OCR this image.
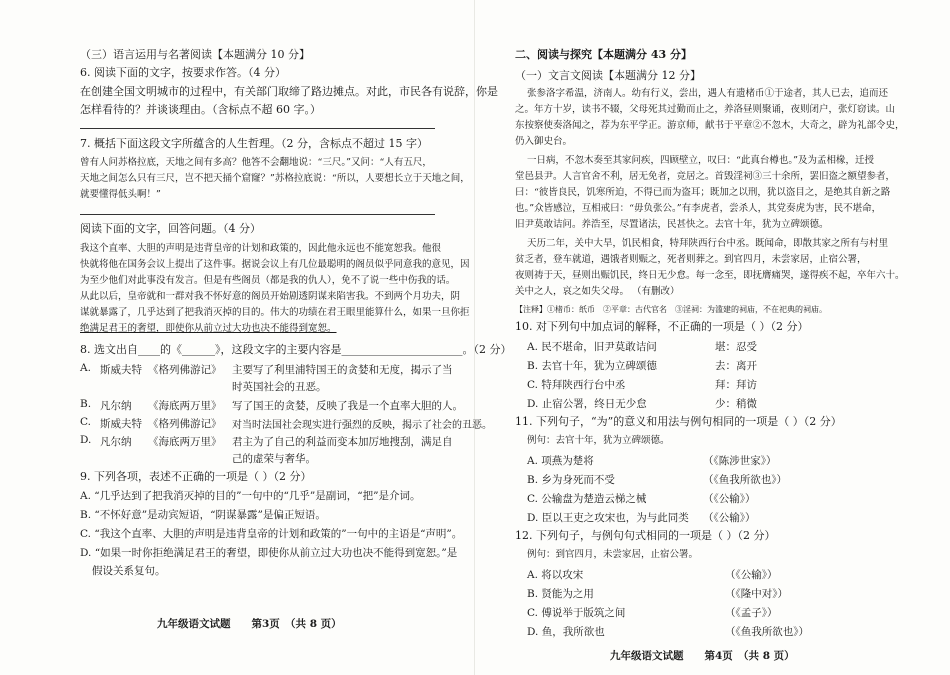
（三）语言运用与名著阅读【本题满分 10 分】
6. 阅读下面的文字，按要求作答。（4 分）
在创建全国文明城市的过程中，有关部门取缔了路边摊点。对此，市民各有说辞，你是
怎样看待的？并谈谈理由。（含标点不超 60 字。）
7. 概括下面这段文字所蕴含的人生哲理。（2 分，含标点不超过 15 字）
曾有人问苏格拉底，天地之间有多高？他答不会翻地说：“三尺。”又问：“人有五尺，
天地之间怎么只有三尺，岂不把天捅个窟窿？”苏格拉底说：“所以，人要想长立于天地之间，
就要懂得低头啊！”
阅读下面的文字，回答问题。（4 分）
我这个直率、大胆的声明是违背皇帝的计划和政策的，因此他永远也不能宽恕我。他很
快就将他在国务会议上提出了这件事。据说会议上有几位最聪明的阁员似乎同意我的意见，因
为至少他们对此事没有发言。但是有些阁员（都是我的仇人），免不了说一些中伤我的话。
从此以后，皇帝就和一群对我不怀好意的阁员开始剧透阴谋来陷害我。不到两个月功夫，阴
谋就暴露了，几乎达到了把我消灭掉的目的。伟大的功绩在君王眼里能算什么，如果一旦你拒
绝满足君王的奢望，即使你从前立过大功也决不能得到宽恕。
8. 选文出自____的《______》，这段文字的主要内容是______________________。（2 分）
A. 斯威夫特 《格列佛游记》 主要写了利里浦特国王的贪婪和无度，揭示了当
时英国社会的丑恶。
B. 凡尔纳 《海底两万里》 写了国王的贪婪，反映了我是一个直率大胆的人。
C. 斯威夫特 《格列佛游记》 对当时法国社会现实进行强烈的反映，揭示了社会的丑恶。
D. 凡尔纳 《海底两万里》 君主为了自己的利益而变本加厉地搜刮，满足自
己的虚荣与奢华。
9. 下列各项，表述不正确的一项是（ ）（2 分）
A. “几乎达到了把我消灭掉的目的”一句中的“几乎”是副词，“把”是介词。
B. “不怀好意”是动宾短语，“阴谋暴露”是偏正短语。
C. “我这个直率、大胆的声明是违背皇帝的计划和政策的”一句中的主语是“声明”。
D. “如果一时你拒绝满足君王的奢望，即使你从前立过大功也决不能得到宽恕。”是
假设关系复句。
九年级语文试题　　第3页　（共 8 页）
二、阅读与探究【本题满分 43 分】
（一）文言文阅读【本题满分 12 分】
张参洛字希温，济南人。幼有行义，尝出，遇人有遗楮币①于途者，其人已去，追而还
之。年方十岁，读书不辍，父母死其过勤而止之，养洛昼则聚诵，夜则闭户，张灯窃读。山
东按察使奏洛闻之，荐为东平学正。游京师，献书于平章②不忽木，大奇之，辟为礼部令史，
仍入御史台。
一日病，不忽木奏至其家问疾，四顾壁立，叹曰：“此真台樽也。”及为孟相椽，迁授
堂邑县尹。人言官舍不利，居无免者，竞居之。首毁淫祠③三十余所，罢旧盗之额望参者，
曰：“彼皆良民，饥寒所迫，不得已而为盗耳；既加之以刑，犹以盗目之，是绝其自新之路
也。”众皆感泣，互相戒曰：“毋负张公。”有李虎者，尝杀人，其党奏虎为害，民不堪命，
旧尹莫敢诘问。养浩至，尽置诸法，民甚快之。去官十年，犹为立碑颂德。
天历二年，关中大旱，饥民相食，特拜陕西行台中丞。既闻命，即散其家之所有与村里
贫乏者，登车就道，遇饿者则赈之，死者则葬之。到官四月，未尝家居，止宿公署，
夜则祷于天，昼则出赈饥民，终日无少怠。每一念至，即抚膺痛哭，遂得疾不起，卒年六十。
关中之人，哀之如失父母。 （有删改）
【注释】①楮币：纸币　②平章：古代官名　③淫祠：为滥建的祠庙，不在祀典的祠庙。
10. 对下列句中加点词的解释，不正确的一项是（ ）（2 分）
A. 民不堪命，旧尹莫敢诘问	堪：忍受
B. 去官十年，犹为立碑颂德	去：离开
C. 特拜陕西行台中丞	拜：拜访
D. 止宿公署，终日无少怠	少：稍微
11. 下列句子，“为”的意义和用法与例句相同的一项是（ ）（2 分）
例句：去官十年，犹为立碑颂德。
A. 项燕为楚将	（《陈涉世家》）
B. 乡为身死而不受	（《鱼我所欲也》）
C. 公输盘为楚造云梯之械	（《公输》）
D. 臣以王吏之攻宋也，为与此同类 （《公输》）
12. 下列句子，与例句句式相同的一项是（ ）（2 分）
例句：到官四月，未尝家居，止宿公署。
A. 将以攻宋	（《公输》）
B. 贤能为之用	（《隆中对》）
C. 傅说举于版筑之间	（《孟子》）
D. 鱼，我所欲也	（《鱼我所欲也》）
九年级语文试题　　第4页　（共 8 页）
